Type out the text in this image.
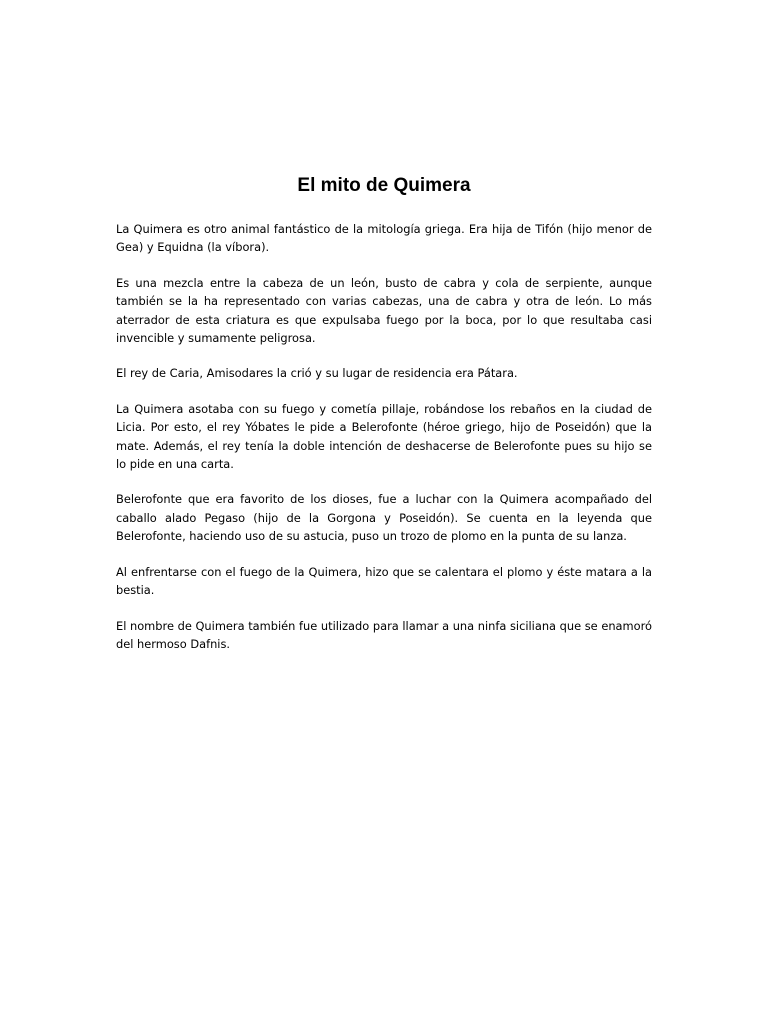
El mito de Quimera

La Quimera es otro animal fantástico de la mitología griega. Era hija de Tifón (hijo menor de Gea) y Equidna (la víbora).

Es una mezcla entre la cabeza de un león, busto de cabra y cola de serpiente, aunque también se la ha representado con varias cabezas, una de cabra y otra de león. Lo más aterrador de esta criatura es que expulsaba fuego por la boca, por lo que resultaba casi invencible y sumamente peligrosa.

El rey de Caria, Amisodares la crió y su lugar de residencia era Pátara.

La Quimera asotaba con su fuego y cometía pillaje, robándose los rebaños en la ciudad de Licia. Por esto, el rey Yóbates le pide a Belerofonte (héroe griego, hijo de Poseidón) que la mate. Además, el rey tenía la doble intención de deshacerse de Belerofonte pues su hijo se lo pide en una carta.

Belerofonte que era favorito de los dioses, fue a luchar con la Quimera acompañado del caballo alado Pegaso (hijo de la Gorgona y Poseidón). Se cuenta en la leyenda que Belerofonte, haciendo uso de su astucia, puso un trozo de plomo en la punta de su lanza.

Al enfrentarse con el fuego de la Quimera, hizo que se calentara el plomo y éste matara a la bestia.

El nombre de Quimera también fue utilizado para llamar a una ninfa siciliana que se enamoró del hermoso Dafnis.
